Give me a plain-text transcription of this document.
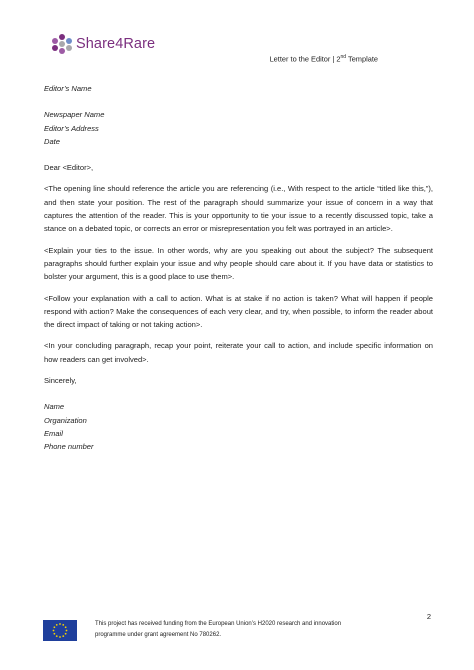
Share4Rare
Letter to the Editor | 2nd Template
Editor’s Name
Newspaper Name
Editor’s Address
Date
Dear <Editor>,

<The opening line should reference the article you are referencing (i.e., With respect to the article “titled like this,”), and then state your position. The rest of the paragraph should summarize your issue of concern in a way that captures the attention of the reader. This is your opportunity to tie your issue to a recently discussed topic, take a stance on a debated topic, or corrects an error or misrepresentation you felt was portrayed in an article>.

<Explain your ties to the issue. In other words, why are you speaking out about the subject? The subsequent paragraphs should further explain your issue and why people should care about it. If you have data or statistics to bolster your argument, this is a good place to use them>.

<Follow your explanation with a call to action. What is at stake if no action is taken? What will happen if people respond with action? Make the consequences of each very clear, and try, when possible, to inform the reader about the direct impact of taking or not taking action>.

<In your concluding paragraph, recap your point, reiterate your call to action, and include specific information on how readers can get involved>.

Sincerely,
Name
Organization
Email
Phone number
2
This project has received funding from the European Union’s H2020 research and innovation
programme under grant agreement No 780262.
